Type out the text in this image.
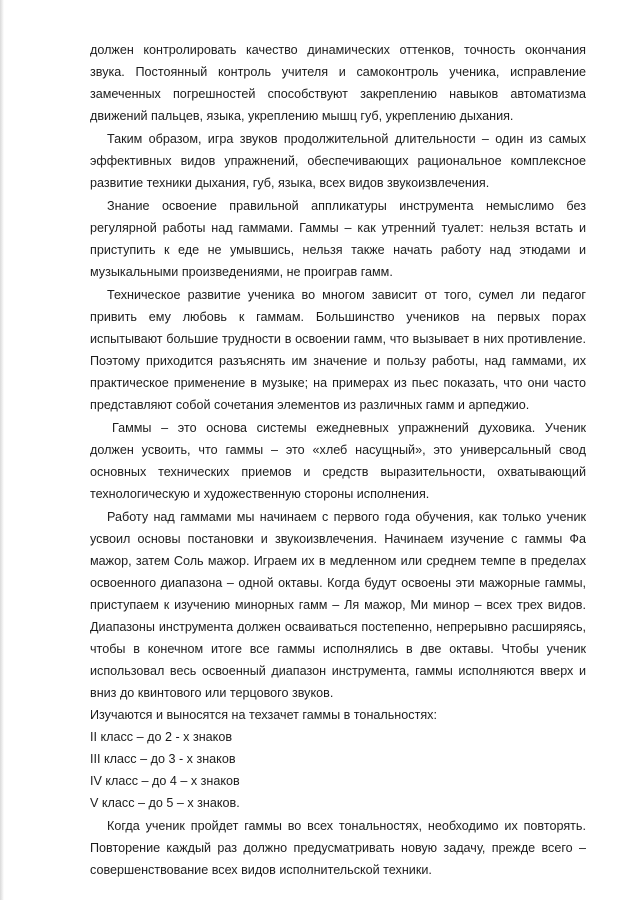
должен контролировать качество динамических оттенков, точность окончания
звука. Постоянный контроль учителя и самоконтроль ученика, исправление
замеченных погрешностей способствуют закреплению навыков автоматизма
движений пальцев, языка, укреплению мышц губ, укреплению дыхания.
Таким образом, игра звуков продолжительной длительности – один из самых
эффективных видов упражнений, обеспечивающих рациональное комплексное
развитие техники дыхания, губ, языка, всех видов звукоизвлечения.
Знание освоение правильной аппликатуры инструмента немыслимо без
регулярной работы над гаммами. Гаммы – как утренний туалет: нельзя встать и
приступить к еде не умывшись, нельзя также начать работу над этюдами и
музыкальными произведениями, не проиграв гамм.
Техническое развитие ученика во многом зависит от того, сумел ли педагог
привить ему любовь к гаммам. Большинство учеников на первых порах
испытывают большие трудности в освоении гамм, что вызывает в них противление.
Поэтому приходится разъяснять им значение и пользу работы, над гаммами, их
практическое применение в музыке; на примерах из пьес показать, что они часто
представляют собой сочетания элементов из различных гамм и арпеджио.
Гаммы – это основа системы ежедневных упражнений духовика. Ученик
должен усвоить, что гаммы – это «хлеб насущный», это универсальный свод
основных технических приемов и средств выразительности, охватывающий
технологическую и художественную стороны исполнения.
Работу над гаммами мы начинаем с первого года обучения, как только ученик
усвоил основы постановки и звукоизвлечения. Начинаем изучение с гаммы Фа
мажор, затем Соль мажор. Играем их в медленном или среднем темпе в пределах
освоенного диапазона – одной октавы. Когда будут освоены эти мажорные гаммы,
приступаем к изучению минорных гамм – Ля мажор, Ми минор – всех трех видов.
Диапазоны инструмента должен осваиваться постепенно, непрерывно расширяясь,
чтобы в конечном итоге все гаммы исполнялись в две октавы. Чтобы ученик
использовал весь освоенный диапазон инструмента, гаммы исполняются вверх и
вниз до квинтового или терцового звуков.
Изучаются и выносятся на техзачет гаммы в тональностях:
II класс – до 2 - х знаков
III класс – до 3 - х знаков
IV класс – до 4 – х знаков
V класс – до 5 – х знаков.
Когда ученик пройдет гаммы во всех тональностях, необходимо их повторять.
Повторение каждый раз должно предусматривать новую задачу, прежде всего –
совершенствование всех видов исполнительской техники.
